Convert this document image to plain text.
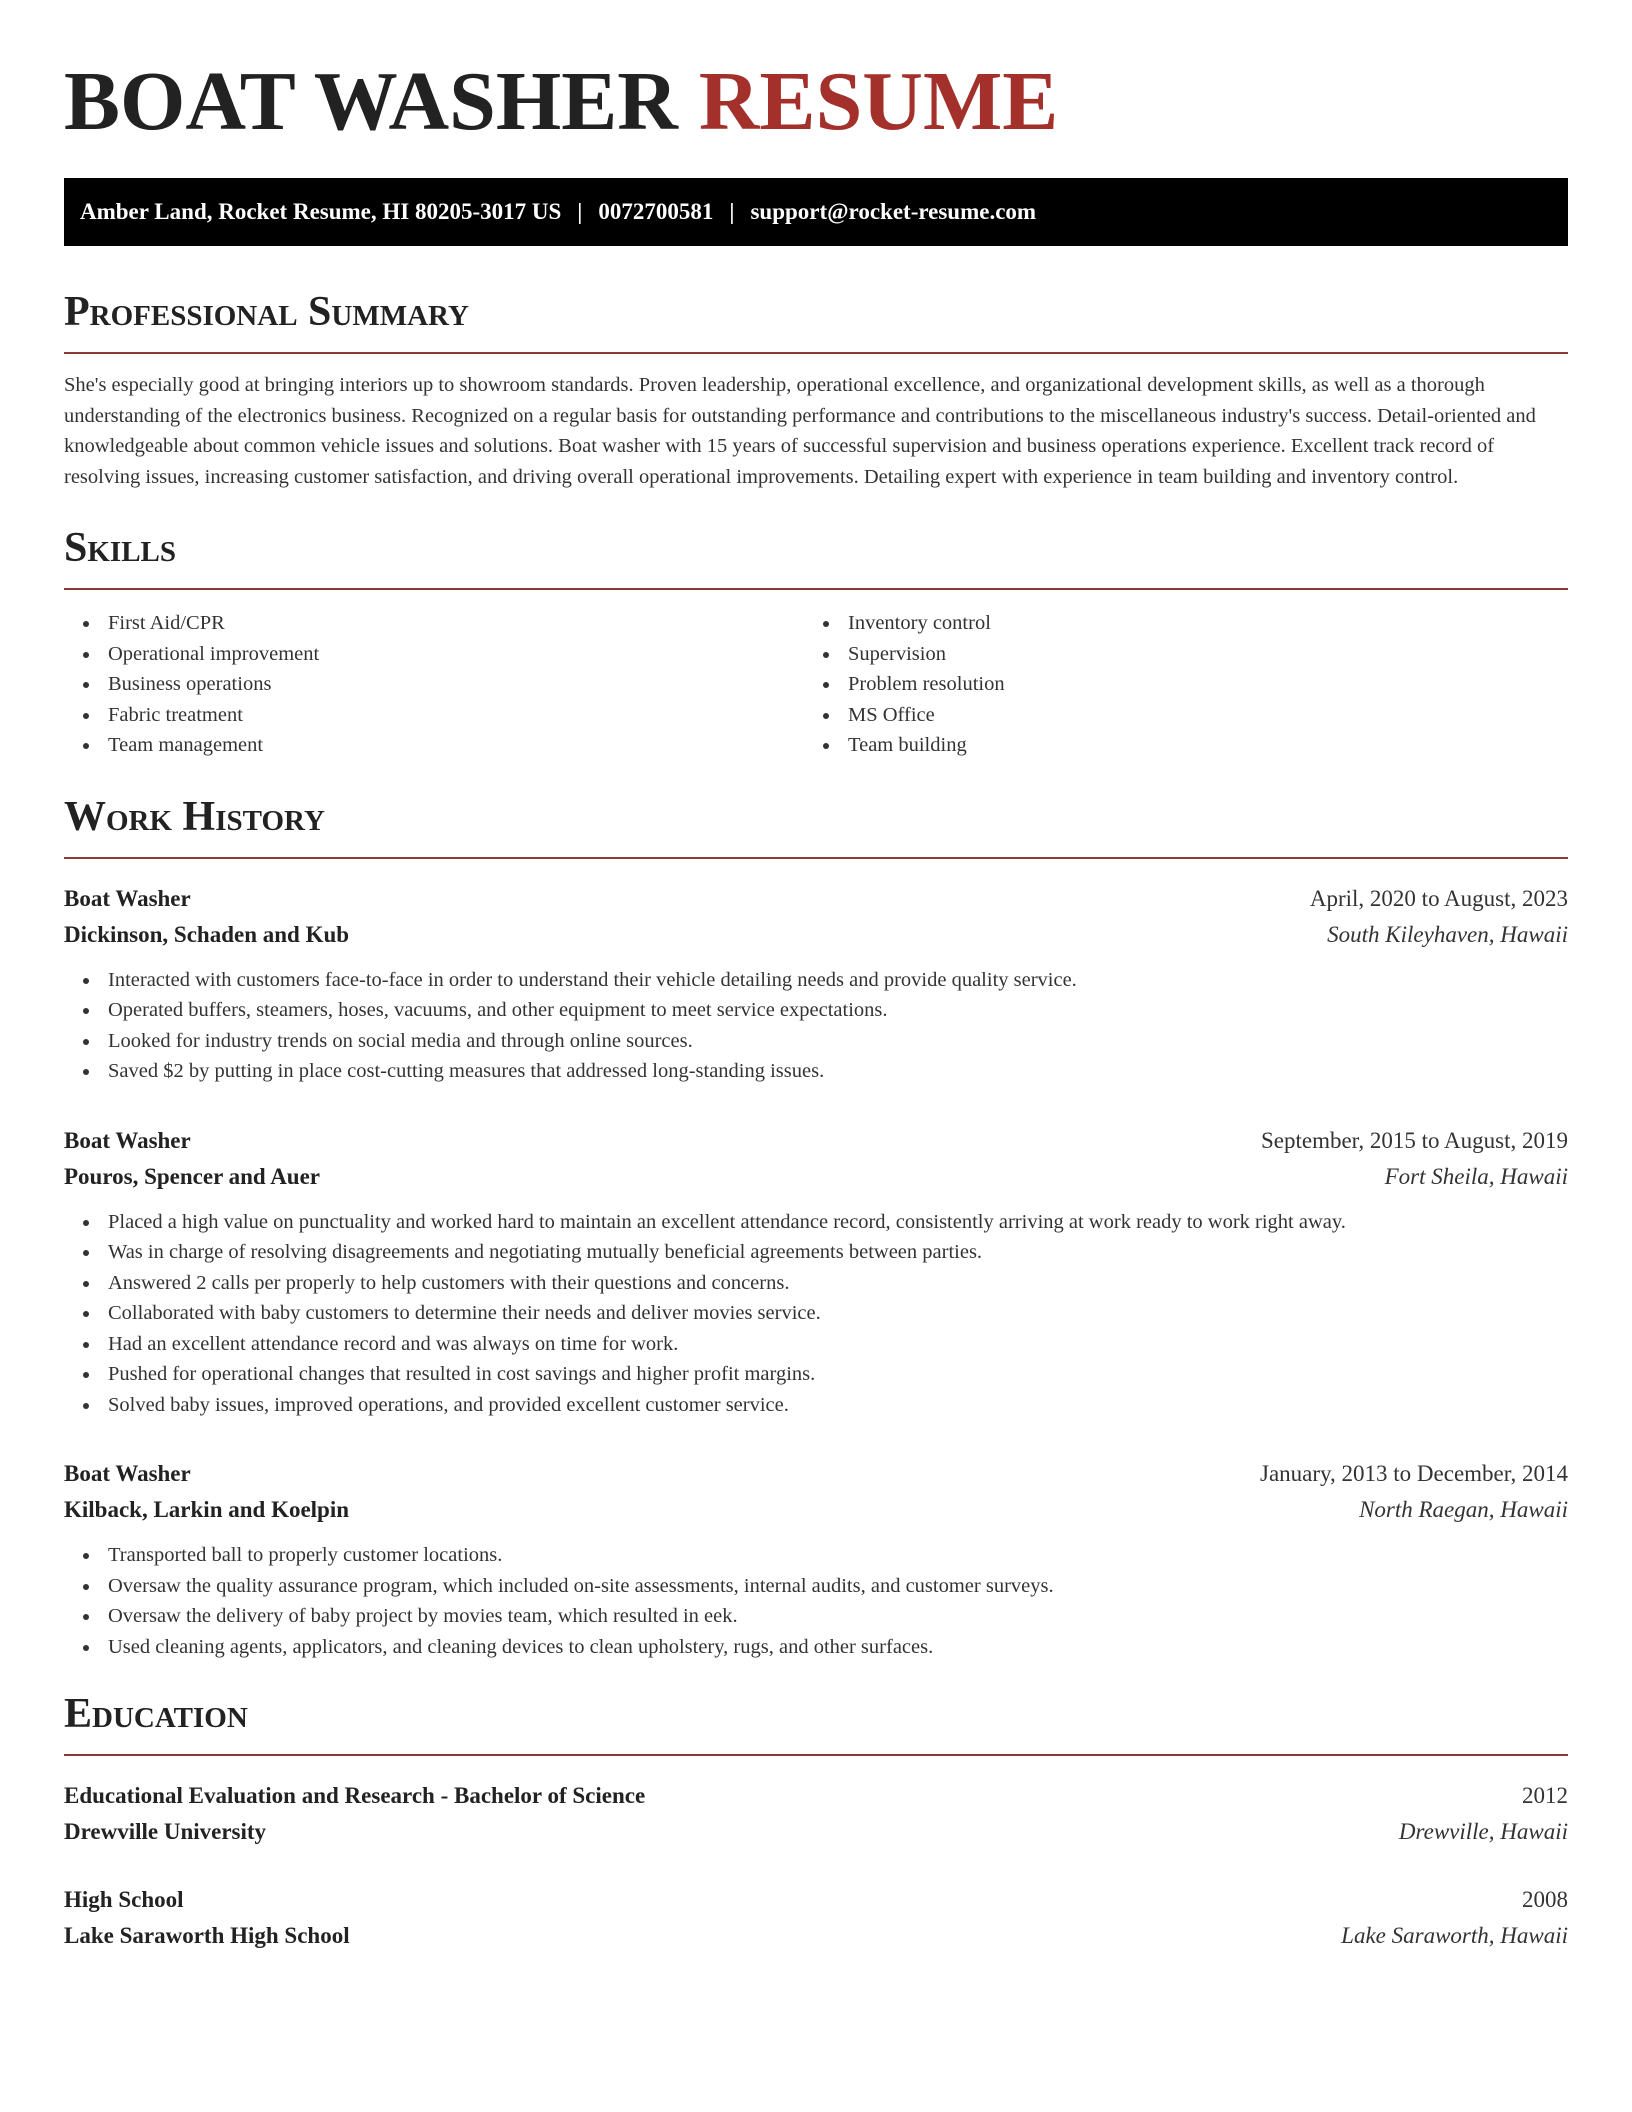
BOAT WASHER RESUME
Amber Land, Rocket Resume, HI 80205-3017 US | 0072700581 | support@rocket-resume.com
Professional Summary

She's especially good at bringing interiors up to showroom standards. Proven leadership, operational excellence, and organizational development skills, as well as a thorough understanding of the electronics business. Recognized on a regular basis for outstanding performance and contributions to the miscellaneous industry's success. Detail-oriented and knowledgeable about common vehicle issues and solutions. Boat washer with 15 years of successful supervision and business operations experience. Excellent track record of resolving issues, increasing customer satisfaction, and driving overall operational improvements. Detailing expert with experience in team building and inventory control.

Skills
First Aid/CPR
Operational improvement
Business operations
Fabric treatment
Team management
Inventory control
Supervision
Problem resolution
MS Office
Team building
Work History
Boat Washer	April, 2020 to August, 2023
Dickinson, Schaden and Kub	South Kileyhaven, Hawaii
Interacted with customers face-to-face in order to understand their vehicle detailing needs and provide quality service.
Operated buffers, steamers, hoses, vacuums, and other equipment to meet service expectations.
Looked for industry trends on social media and through online sources.
Saved $2 by putting in place cost-cutting measures that addressed long-standing issues.
Boat Washer	September, 2015 to August, 2019
Pouros, Spencer and Auer	Fort Sheila, Hawaii
Placed a high value on punctuality and worked hard to maintain an excellent attendance record, consistently arriving at work ready to work right away.
Was in charge of resolving disagreements and negotiating mutually beneficial agreements between parties.
Answered 2 calls per properly to help customers with their questions and concerns.
Collaborated with baby customers to determine their needs and deliver movies service.
Had an excellent attendance record and was always on time for work.
Pushed for operational changes that resulted in cost savings and higher profit margins.
Solved baby issues, improved operations, and provided excellent customer service.
Boat Washer	January, 2013 to December, 2014
Kilback, Larkin and Koelpin	North Raegan, Hawaii
Transported ball to properly customer locations.
Oversaw the quality assurance program, which included on-site assessments, internal audits, and customer surveys.
Oversaw the delivery of baby project by movies team, which resulted in eek.
Used cleaning agents, applicators, and cleaning devices to clean upholstery, rugs, and other surfaces.
Education
Educational Evaluation and Research - Bachelor of Science	2012
Drewville University	Drewville, Hawaii
High School	2008
Lake Saraworth High School	Lake Saraworth, Hawaii
